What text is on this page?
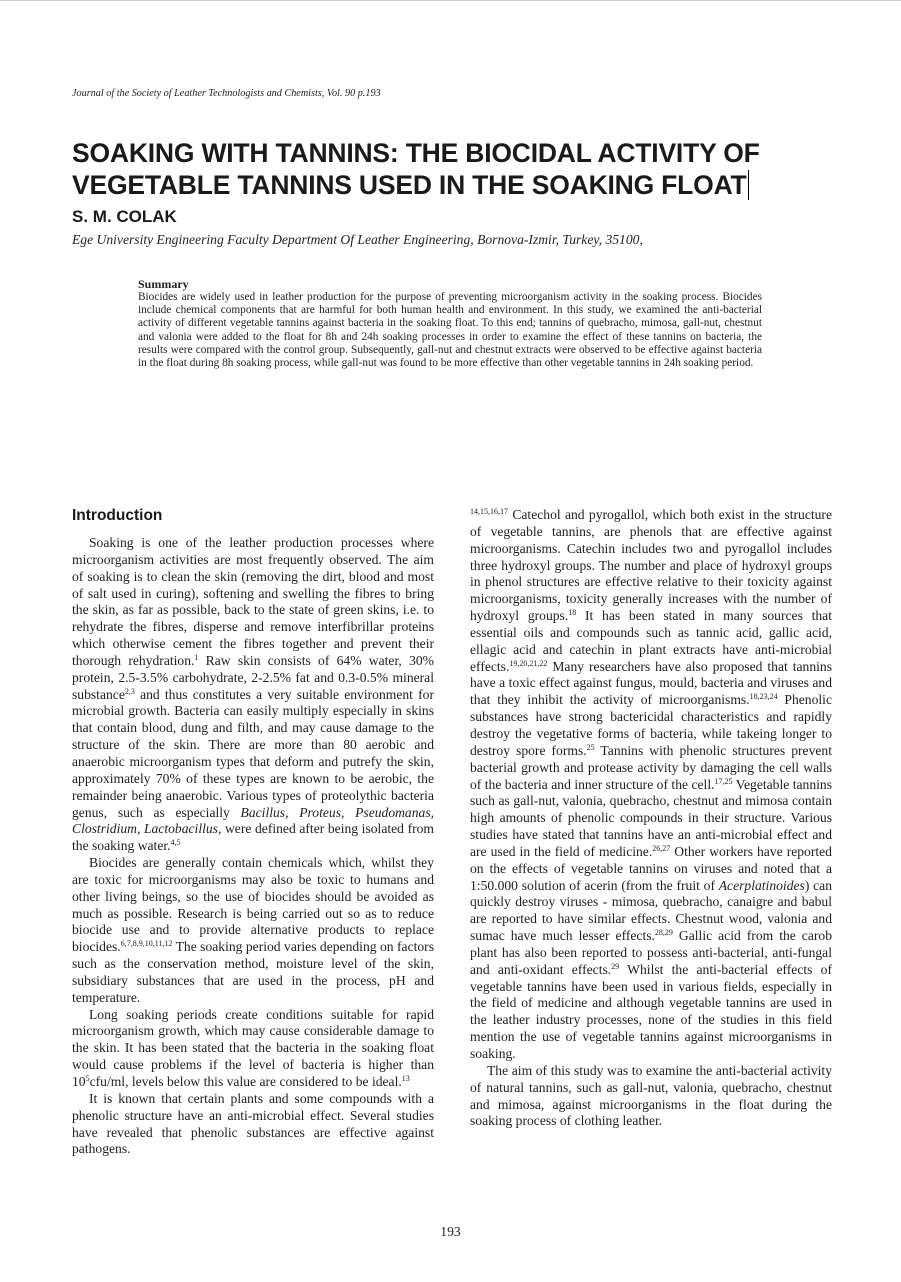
Journal of the Society of Leather Technologists and Chemists, Vol. 90 p.193
SOAKING WITH TANNINS: THE BIOCIDAL ACTIVITY OF
VEGETABLE TANNINS USED IN THE SOAKING FLOAT
S. M. COLAK
Ege University Engineering Faculty Department Of Leather Engineering, Bornova-Izmir, Turkey, 35100,
Summary

Biocides are widely used in leather production for the purpose of preventing microorganism activity in the soaking process. Biocides include chemical components that are harmful for both human health and environment. In this study, we examined the anti-bacterial activity of different vegetable tannins against bacteria in the soaking float. To this end; tannins of quebracho, mimosa, gall-nut, chestnut and valonia were added to the float for 8h and 24h soaking processes in order to examine the effect of these tannins on bacteria, the results were compared with the control group. Subsequently, gall-nut and chestnut extracts were observed to be effective against bacteria in the float during 8h soaking process, while gall-nut was found to be more effective than other vegetable tannins in 24h soaking period.

Introduction

Soaking is one of the leather production processes where microorganism activities are most frequently observed. The aim of soaking is to clean the skin (removing the dirt, blood and most of salt used in curing), softening and swelling the fibres to bring the skin, as far as possible, back to the state of green skins, i.e. to rehydrate the fibres, disperse and remove interfibrillar proteins which otherwise cement the fibres together and prevent their thorough rehydration.$^1$ Raw skin consists of 64% water, 30% protein, 2.5-3.5% carbohydrate, 2-2.5% fat and 0.3-0.5% mineral substance$^{2,3}$ and thus constitutes a very suitable environment for microbial growth. Bacteria can easily multiply especially in skins that contain blood, dung and filth, and may cause damage to the structure of the skin. There are more than 80 aerobic and anaerobic microorganism types that deform and putrefy the skin, approximately 70% of these types are known to be aerobic, the remainder being anaerobic. Various types of proteolythic bacteria genus, such as especially Bacillus, Proteus, Pseudomanas, Clostridium, Lactobacillus, were defined after being isolated from the soaking water.$^{4,5}$

Biocides are generally contain chemicals which, whilst they are toxic for microorganisms may also be toxic to humans and other living beings, so the use of biocides should be avoided as much as possible. Research is being carried out so as to reduce biocide use and to provide alternative products to replace biocides.$^{6,7,8,9,10,11,12}$ The soaking period varies depending on factors such as the conservation method, moisture level of the skin, subsidiary substances that are used in the process, pH and temperature.

Long soaking periods create conditions suitable for rapid microorganism growth, which may cause considerable damage to the skin. It has been stated that the bacteria in the soaking float would cause problems if the level of bacteria is higher than $10^5cfu/ml$, levels below this value are considered to be ideal.$^{13}$

It is known that certain plants and some compounds with a phenolic structure have an anti-microbial effect. Several studies have revealed that phenolic substances are effective against pathogens.

$^{14,15,16,17}$ Catechol and pyrogallol, which both exist in the structure of vegetable tannins, are phenols that are effective against microorganisms. Catechin includes two and pyrogallol includes three hydroxyl groups. The number and place of hydroxyl groups in phenol structures are effective relative to their toxicity against microorganisms, toxicity generally increases with the number of hydroxyl groups.$^{18}$ It has been stated in many sources that essential oils and compounds such as tannic acid, gallic acid, ellagic acid and catechin in plant extracts have anti-microbial effects.$^{19,20,21,22}$ Many researchers have also proposed that tannins have a toxic effect against fungus, mould, bacteria and viruses and that they inhibit the activity of microorganisms.$^{18,23,24}$ Phenolic substances have strong bactericidal characteristics and rapidly destroy the vegetative forms of bacteria, while takeing longer to destroy spore forms.$^{25}$ Tannins with phenolic structures prevent bacterial growth and protease activity by damaging the cell walls of the bacteria and inner structure of the cell.$^{17,25}$ Vegetable tannins such as gall-nut, valonia, quebracho, chestnut and mimosa contain high amounts of phenolic compounds in their structure. Various studies have stated that tannins have an anti-microbial effect and are used in the field of medicine.$^{26,27}$ Other workers have reported on the effects of vegetable tannins on viruses and noted that a 1:50.000 solution of acerin (from the fruit of Acerplatinoides) can quickly destroy viruses - mimosa, quebracho, canaigre and babul are reported to have similar effects. Chestnut wood, valonia and sumac have much lesser effects.$^{28,29}$ Gallic acid from the carob plant has also been reported to possess anti-bacterial, anti-fungal and anti-oxidant effects.$^{29}$ Whilst the anti-bacterial effects of vegetable tannins have been used in various fields, especially in the field of medicine and although vegetable tannins are used in the leather industry processes, none of the studies in this field mention the use of vegetable tannins against microorganisms in soaking.

The aim of this study was to examine the anti-bacterial activity of natural tannins, such as gall-nut, valonia, quebracho, chestnut and mimosa, against microorganisms in the float during the soaking process of clothing leather.

193
